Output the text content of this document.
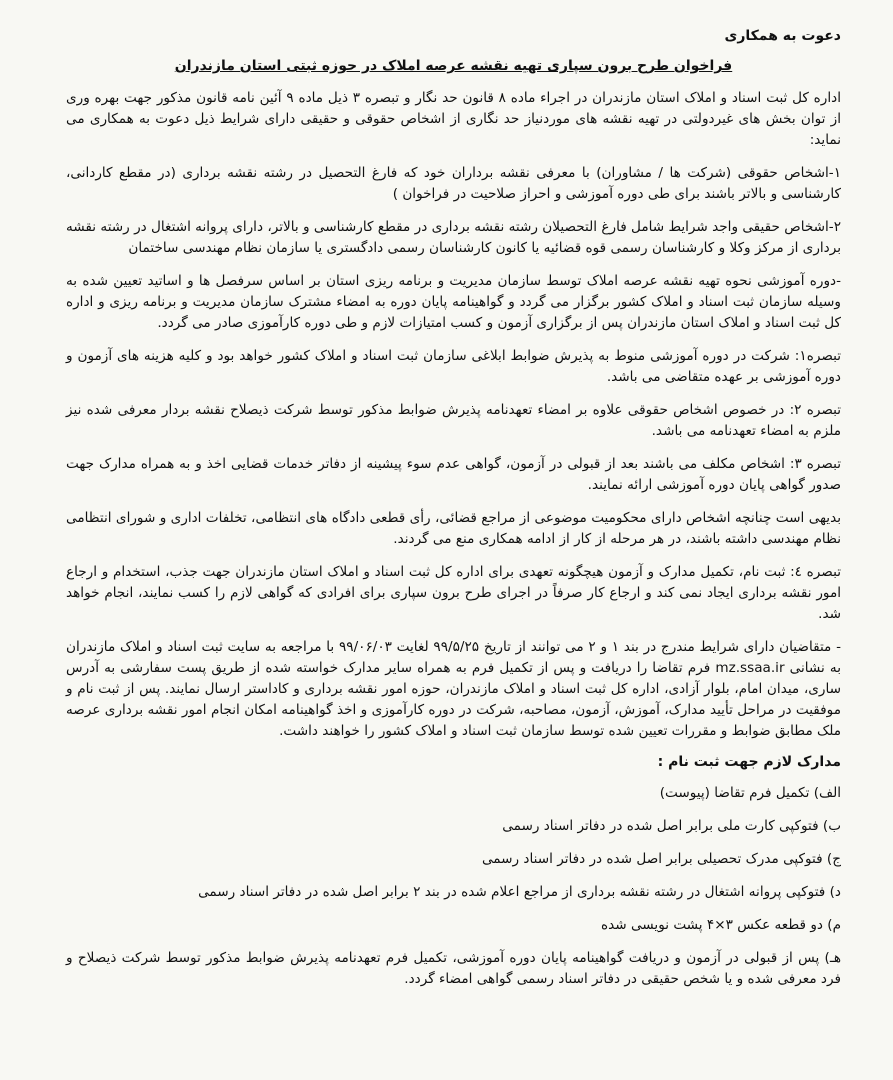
دعوت به همکاری
فراخوان طرح برون سپاری تهیه نقشه عرصه املاک در حوزه ثبتی استان مازندران

اداره کل ثبت اسناد و املاک استان مازندران در اجراء ماده ۸ قانون حد نگار و تبصره ۳ ذیل ماده ۹ آئین نامه قانون مذکور جهت بهره وری از توان بخش های غیردولتی در تهیه نقشه های موردنیاز حد نگاری از اشخاص حقوقی و حقیقی دارای شرایط ذیل دعوت به همکاری می نماید:

۱-اشخاص حقوقی (شرکت ها / مشاوران) با معرفی نقشه برداران خود که فارغ التحصیل در رشته نقشه برداری (در مقطع کاردانی، کارشناسی و بالاتر باشند برای طی دوره آموزشی و احراز صلاحیت در فراخوان )

۲-اشخاص حقیقی واجد شرایط شامل فارغ التحصیلان رشته نقشه برداری در مقطع کارشناسی و بالاتر، دارای پروانه اشتغال در رشته نقشه برداری از مرکز وکلا و کارشناسان رسمی قوه قضائیه یا کانون کارشناسان رسمی دادگستری یا سازمان نظام مهندسی ساختمان

-دوره آموزشی نحوه تهیه نقشه عرصه املاک توسط سازمان مدیریت و برنامه ریزی استان بر اساس سرفصل ها و اساتید تعیین شده به وسیله سازمان ثبت اسناد و املاک کشور برگزار می گردد و گواهینامه پایان دوره به امضاء مشترک سازمان مدیریت و برنامه ریزی و اداره کل ثبت اسناد و املاک استان مازندران پس از برگزاری آزمون و کسب امتیازات لازم و طی دوره کارآموزی صادر می گردد.

تبصره۱: شرکت در دوره آموزشی منوط به پذیرش ضوابط ابلاغی سازمان ثبت اسناد و املاک کشور خواهد بود و کلیه هزینه های آزمون و دوره آموزشی بر عهده متقاضی می باشد.

تبصره ۲: در خصوص اشخاص حقوقی علاوه بر امضاء تعهدنامه پذیرش ضوابط مذکور توسط شرکت ذیصلاح نقشه بردار معرفی شده نیز ملزم به امضاء تعهدنامه می باشد.

تبصره ۳: اشخاص مکلف می باشند بعد از قبولی در آزمون، گواهی عدم سوء پیشینه از دفاتر خدمات قضایی اخذ و به همراه مدارک جهت صدور گواهی پایان دوره آموزشی ارائه نمایند.

بدیهی است چنانچه اشخاص دارای محکومیت موضوعی از مراجع قضائی، رأی قطعی دادگاه های انتظامی، تخلفات اداری و شورای انتظامی نظام مهندسی داشته باشند، در هر مرحله از کار از ادامه همکاری منع می گردند.

تبصره ٤: ثبت نام، تکمیل مدارک و آزمون هیچگونه تعهدی برای اداره کل ثبت اسناد و املاک استان مازندران جهت جذب، استخدام و ارجاع امور نقشه برداری ایجاد نمی کند و ارجاع کار صرفاً در اجرای طرح برون سپاری برای افرادی که گواهی لازم را کسب نمایند، انجام خواهد شد.

- متقاضیان دارای شرایط مندرج در بند ۱ و ۲ می توانند از تاریخ ۹۹/۵/۲۵ لغایت ۹۹/۰۶/۰۳ با مراجعه به سایت ثبت اسناد و املاک مازندران به نشانی mz.ssaa.ir فرم تقاضا را دریافت و پس از تکمیل فرم به همراه سایر مدارک خواسته شده از طریق پست سفارشی به آدرس ساری، میدان امام، بلوار آزادی، اداره کل ثبت اسناد و املاک مازندران، حوزه امور نقشه برداری و کاداستر ارسال نمایند. پس از ثبت نام و موفقیت در مراحل تأیید مدارک، آموزش، آزمون، مصاحبه، شرکت در دوره کارآموزی و اخذ گواهینامه امکان انجام امور نقشه برداری عرصه ملک مطابق ضوابط و مقررات تعیین شده توسط سازمان ثبت اسناد و املاک کشور را خواهند داشت.

مدارک لازم جهت ثبت نام :

الف) تکمیل فرم تقاضا (پیوست)

ب) فتوکپی کارت ملی برابر اصل شده در دفاتر اسناد رسمی

ج) فتوکپی مدرک تحصیلی برابر اصل شده در دفاتر اسناد رسمی

د) فتوکپی پروانه اشتغال در رشته نقشه برداری از مراجع اعلام شده در بند ۲ برابر اصل شده در دفاتر اسناد رسمی

م) دو قطعه عکس ۳×۴ پشت نویسی شده

هـ) پس از قبولی در آزمون و دریافت گواهینامه پایان دوره آموزشی، تکمیل فرم تعهدنامه پذیرش ضوابط مذکور توسط شرکت ذیصلاح و فرد معرفی شده و یا شخص حقیقی در دفاتر اسناد رسمی گواهی امضاء گردد.
